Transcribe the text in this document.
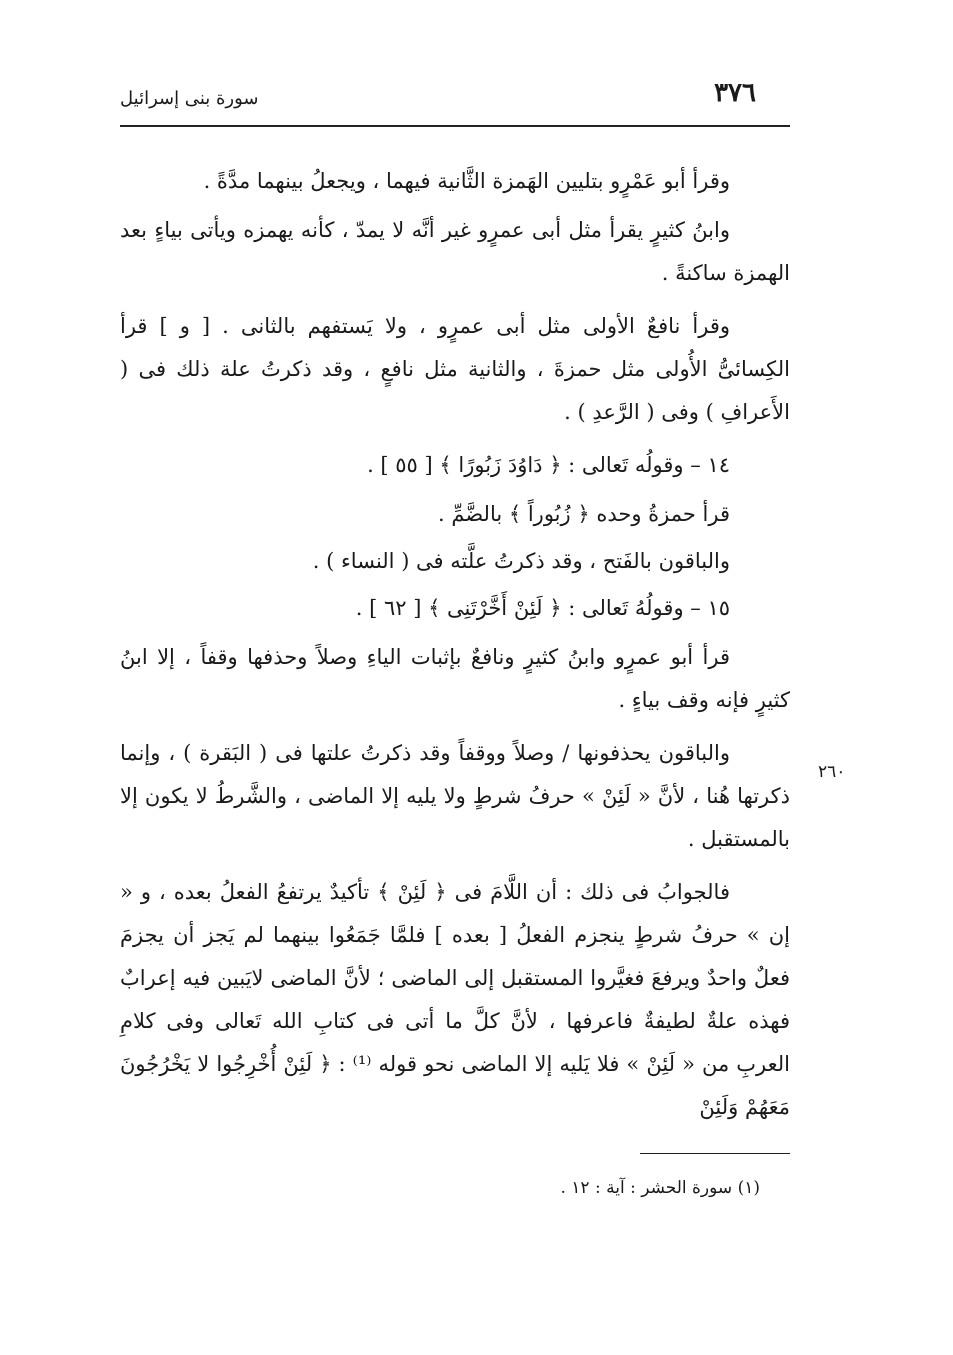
٣٧٦
سورة بنى إسرائيل

وقرأ أبو عَمْرٍو بتليين الهَمزة الثَّانية فيهما ، ويجعلُ بينهما مدَّةً .

وابنُ كثيرٍ يقرأ مثل أبى عمرٍو غير أنَّه لا يمدّ ، كأنه يهمزه ويأتى بياءٍ بعد الهمزة ساكنةً .

وقرأ نافعٌ الأولى مثل أبى عمرٍو ، ولا يَستفهم بالثانى . [ و ] قرأ الكِسائىُّ الأُولى مثل حمزةَ ، والثانية مثل نافعٍ ، وقد ذكرتُ علة ذلك فى ( الأَعرافِ ) وفى ( الرَّعدِ ) .

١٤ – وقولُه تَعالى : ﴿ دَاوُدَ زَبُورًا ﴾ [ ٥٥ ] .

قرأ حمزةُ وحده ﴿ زُبُوراً ﴾ بالضَّمِّ .

والباقون بالفَتح ، وقد ذكرتُ علَّته فى ( النساء ) .

١٥ – وقولُهُ تَعالى : ﴿ لَئِنْ أَخَّرْتَنِى ﴾ [ ٦٢ ] .

قرأ أبو عمرٍو وابنُ كثيرٍ ونافعٌ بإثبات الياءِ وصلاً وحذفها وقفاً ، إلا ابنُ كثيرٍ فإنه وقف بياءٍ .

والباقون يحذفونها / وصلاً ووقفاً وقد ذكرتُ علتها فى ( البَقرة ) ، وإنما ذكرتها هُنا ، لأنَّ « لَئِنْ » حرفُ شرطٍ ولا يليه إلا الماضى ، والشَّرطُ لا يكون إلا بالمستقبل .

فالجوابُ فى ذلك : أن اللَّامَ فى ﴿ لَئِنْ ﴾ تأكيدٌ يرتفعُ الفعلُ بعده ، و « إن » حرفُ شرطٍ ينجزم الفعلُ [ بعده ] فلمَّا جَمَعُوا بينهما لم يَجز أن يجزمَ فعلٌ واحدٌ ويرفعَ فغيَّروا المستقبل إلى الماضى ؛ لأنَّ الماضى لايَبين فيه إعرابٌ فهذه علةٌ لطيفةٌ فاعرفها ، لأنَّ كلَّ ما أتى فى كتابِ الله تَعالى وفى كلامِ العربِ من « لَئِنْ » فلا يَليه إلا الماضى نحو قوله ⁽¹⁾ : ﴿ لَئِنْ أُخْرِجُوا لا يَخْرُجُونَ مَعَهُمْ وَلَئِنْ

٢٦٠
(١) سورة الحشر : آية : ١٢ .
